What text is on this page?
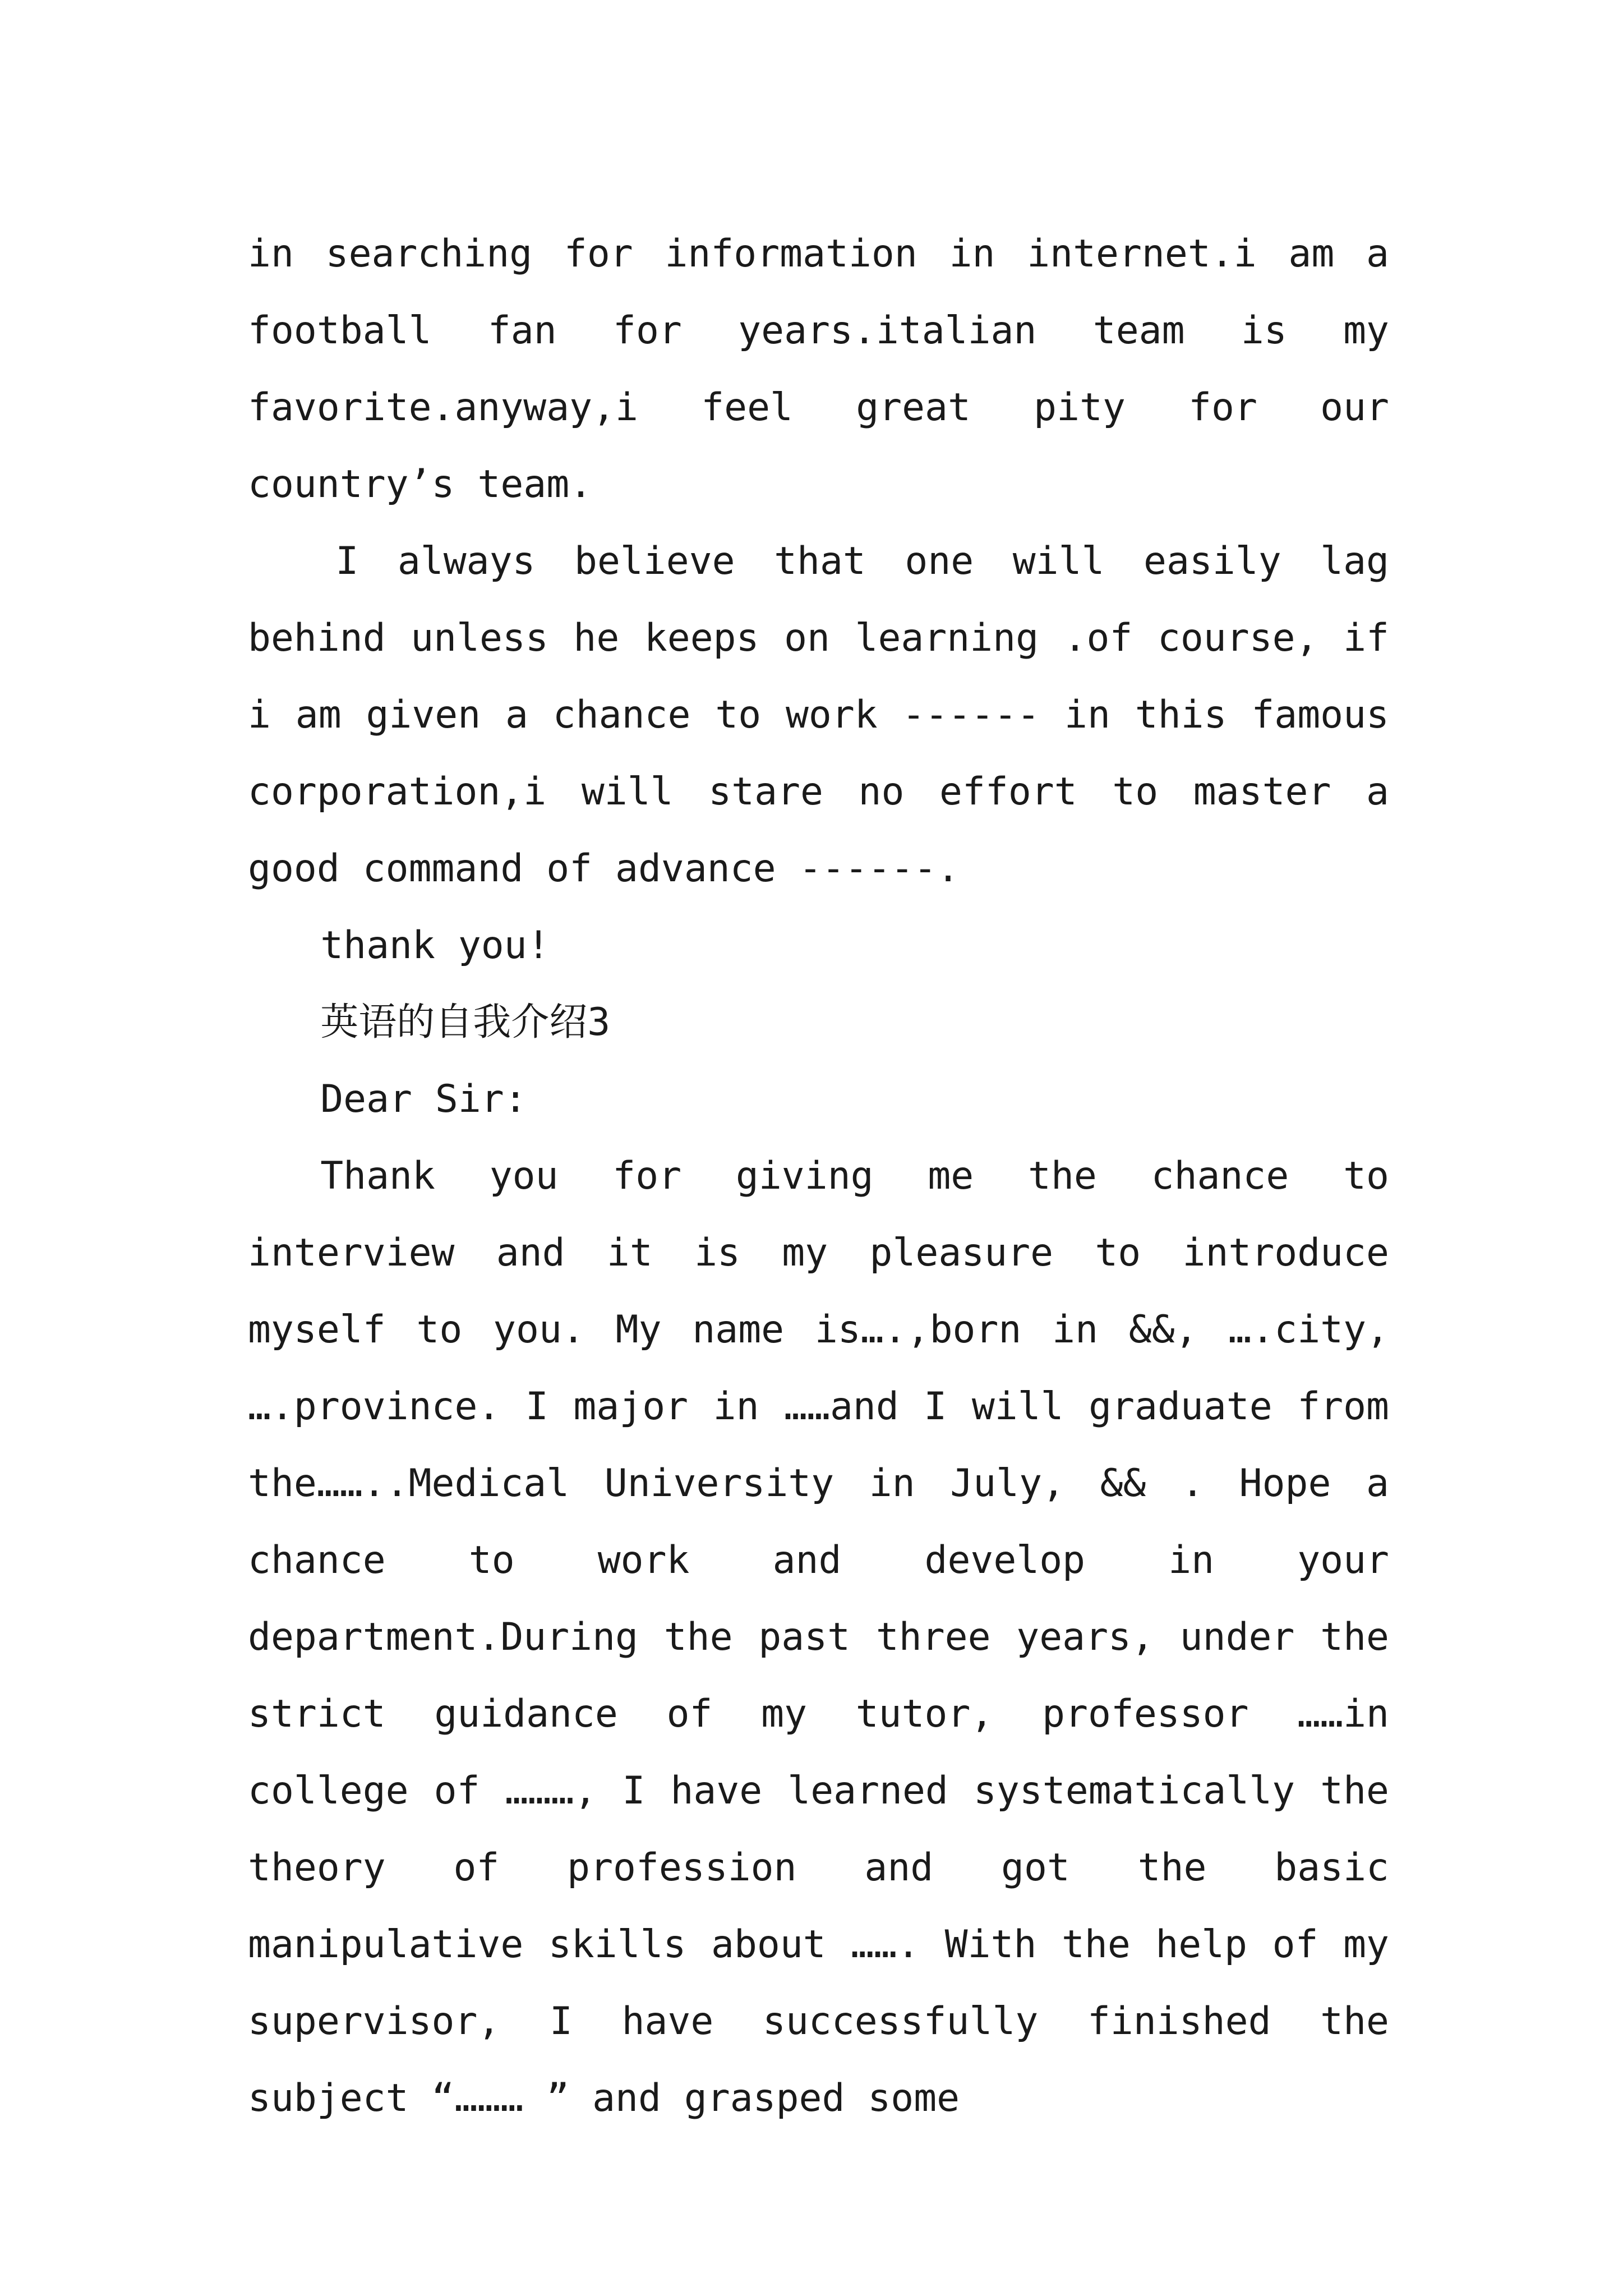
in searching for information in internet.i am a football fan for years.italian team is my favorite.anyway,i feel great pity for our country’s team.

I always believe that one will easily lag behind unless he keeps on learning .of course, if i am given a chance to work ------ in this famous corporation,i will stare no effort to master a good command of advance ------.

thank you!

英语的自我介绍3

Dear Sir:

Thank you for giving me the chance to interview and it is my pleasure to introduce myself to you. My name is….,born in &&, ….city, ….province. I major in ……and I will graduate from the……..Medical University in July, && . Hope a chance to work and develop in your department.During the past three years, under the strict guidance of my tutor, professor ……in college of ………, I have learned systematically the theory of profession and got the basic manipulative skills about ……. With the help of my supervisor, I have successfully finished the subject “……… ” and grasped some
